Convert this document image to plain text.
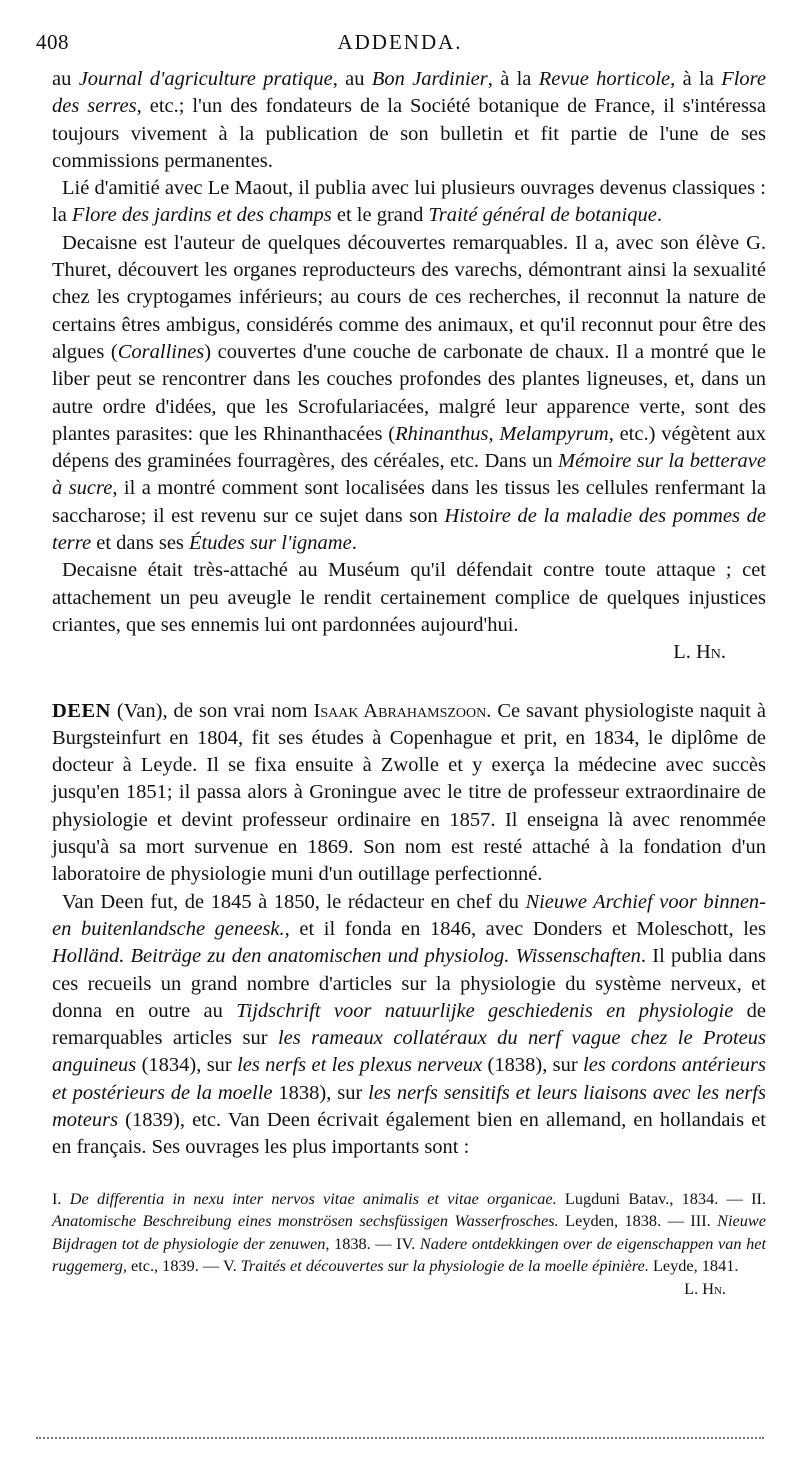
408	ADDENDA.

au Journal d'agriculture pratique, au Bon Jardinier, à la Revue horticole, à la Flore des serres, etc.; l'un des fondateurs de la Société botanique de France, il s'intéressa toujours vivement à la publication de son bulletin et fit partie de l'une de ses commissions permanentes.

Lié d'amitié avec Le Maout, il publia avec lui plusieurs ouvrages devenus classiques : la Flore des jardins et des champs et le grand Traité général de botanique.

Decaisne est l'auteur de quelques découvertes remarquables. Il a, avec son élève G. Thuret, découvert les organes reproducteurs des varechs, démontrant ainsi la sexualité chez les cryptogames inférieurs; au cours de ces recherches, il reconnut la nature de certains êtres ambigus, considérés comme des animaux, et qu'il reconnut pour être des algues (Corallines) couvertes d'une couche de carbonate de chaux. Il a montré que le liber peut se rencontrer dans les couches profondes des plantes ligneuses, et, dans un autre ordre d'idées, que les Scrofulariacées, malgré leur apparence verte, sont des plantes parasites: que les Rhinanthacées (Rhinanthus, Melampyrum, etc.) végètent aux dépens des graminées fourragères, des céréales, etc. Dans un Mémoire sur la betterave à sucre, il a montré comment sont localisées dans les tissus les cellules renfermant la saccharose; il est revenu sur ce sujet dans son Histoire de la maladie des pommes de terre et dans ses Études sur l'igname.

Decaisne était très-attaché au Muséum qu'il défendait contre toute attaque ; cet attachement un peu aveugle le rendit certainement complice de quelques injustices criantes, que ses ennemis lui ont pardonnées aujourd'hui.

L. Hn.

DEEN (Van), de son vrai nom Isaak Abrahamszoon. Ce savant physiologiste naquit à Burgsteinfurt en 1804, fit ses études à Copenhague et prit, en 1834, le diplôme de docteur à Leyde. Il se fixa ensuite à Zwolle et y exerça la médecine avec succès jusqu'en 1851; il passa alors à Groningue avec le titre de professeur extraordinaire de physiologie et devint professeur ordinaire en 1857. Il enseigna là avec renommée jusqu'à sa mort survenue en 1869. Son nom est resté attaché à la fondation d'un laboratoire de physiologie muni d'un outillage perfectionné.

Van Deen fut, de 1845 à 1850, le rédacteur en chef du Nieuwe Archief voor binnen- en buitenlandsche geneesk., et il fonda en 1846, avec Donders et Moleschott, les Holländ. Beiträge zu den anatomischen und physiolog. Wissenschaften. Il publia dans ces recueils un grand nombre d'articles sur la physiologie du système nerveux, et donna en outre au Tijdschrift voor natuurlijke geschiedenis en physiologie de remarquables articles sur les rameaux collatéraux du nerf vague chez le Proteus anguineus (1834), sur les nerfs et les plexus nerveux (1838), sur les cordons antérieurs et postérieurs de la moelle 1838), sur les nerfs sensitifs et leurs liaisons avec les nerfs moteurs (1839), etc. Van Deen écrivait également bien en allemand, en hollandais et en français. Ses ouvrages les plus importants sont :

I. De differentia in nexu inter nervos vitae animalis et vitae organicae. Lugduni Batav., 1834. — II. Anatomische Beschreibung eines monströsen sechsfüssigen Wasserfrosches. Leyden, 1838. — III. Nieuwe Bijdragen tot de physiologie der zenuwen, 1838. — IV. Nadere ontdekkingen over de eigenschappen van het ruggemerg, etc., 1839. — V. Traités et découvertes sur la physiologie de la moelle épinière. Leyde, 1841.
L. Hn.
